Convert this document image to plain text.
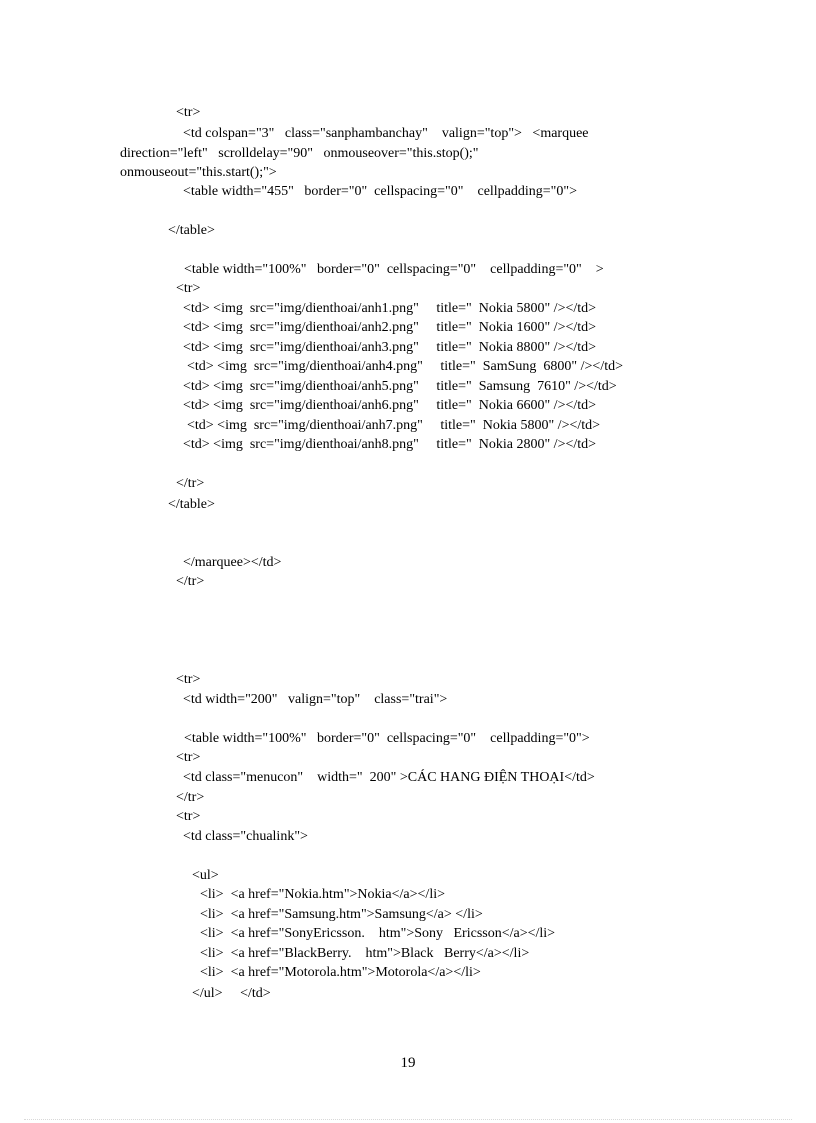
<tr>
<td colspan="3"   class="sanphambanchay"    valign="top">   <marquee
direction="left"   scrolldelay="90"   onmouseover="this.stop();"
onmouseout="this.start();">
<table width="455"   border="0"  cellspacing="0"    cellpadding="0">
</table>
<table width="100%"   border="0"  cellspacing="0"    cellpadding="0"    >
<tr>
<td> <img  src="img/dienthoai/anh1.png"     title="  Nokia 5800" /></td>
<td> <img  src="img/dienthoai/anh2.png"     title="  Nokia 1600" /></td>
<td> <img  src="img/dienthoai/anh3.png"     title="  Nokia 8800" /></td>
<td> <img  src="img/dienthoai/anh4.png"     title="  SamSung  6800" /></td>
<td> <img  src="img/dienthoai/anh5.png"     title="  Samsung  7610" /></td>
<td> <img  src="img/dienthoai/anh6.png"     title="  Nokia 6600" /></td>
<td> <img  src="img/dienthoai/anh7.png"     title="  Nokia 5800" /></td>
<td> <img  src="img/dienthoai/anh8.png"     title="  Nokia 2800" /></td>
</tr>
</table>
</marquee></td>
</tr>
<tr>
<td width="200"   valign="top"    class="trai">
<table width="100%"   border="0"  cellspacing="0"    cellpadding="0">
<tr>
<td class="menucon"    width="  200" >CÁC HANG ĐIỆN THOẠI</td>
</tr>
<tr>
<td class="chualink">
<ul>
<li>  <a href="Nokia.htm">Nokia</a></li>
<li>  <a href="Samsung.htm">Samsung</a> </li>
<li>  <a href="SonyEricsson.    htm">Sony   Ericsson</a></li>
<li>  <a href="BlackBerry.    htm">Black   Berry</a></li>
<li>  <a href="Motorola.htm">Motorola</a></li>
</ul>     </td>
19
